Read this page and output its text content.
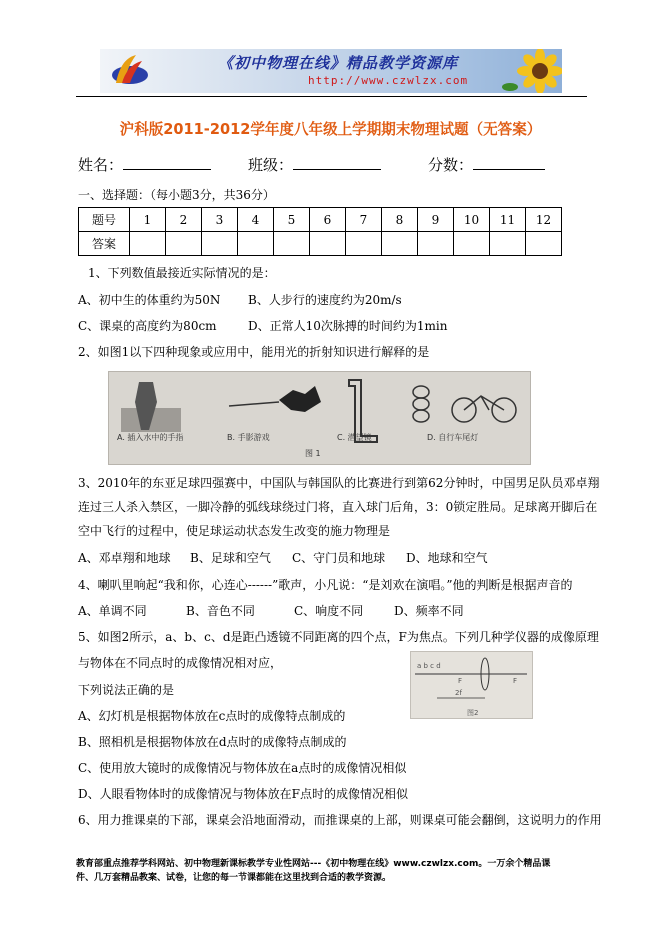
《初中物理在线》精品教学资源库
http://www.czwlzx.com
沪科版2011-2012学年度八年级上学期期末物理试题（无答案）
姓名：	班级：	分数：
一、选择题：（每小题3分，共36分）
题号	1	2	3	4	5	6	7	8	9	10	11	12
答案												
1、下列数值最接近实际情况的是：
A、初中生的体重约为50N B、人步行的速度约为20m/s
C、课桌的高度约为80cm	D、正常人10次脉搏的时间约为1min
2、如图1以下四种现象或应用中，能用光的折射知识进行解释的是
A. 插入水中的手指	B. 手影游戏	C. 潜望镜	D. 自行车尾灯
图 1
3、2010年的东亚足球四强赛中，中国队与韩国队的比赛进行到第62分钟时，中国男足队员邓卓翔
连过三人杀入禁区，一脚冷静的弧线球绕过门将，直入球门后角，3：0锁定胜局。足球离开脚后在
空中飞行的过程中，使足球运动状态发生改变的施力物理是
A、邓卓翔和地球 B、足球和空气 C、守门员和地球 D、地球和空气
4、喇叭里响起“我和你，心连心------”歌声，小凡说：“是刘欢在演唱。”他的判断是根据声音的
A、单调不同	B、音色不同	C、响度不同	D、频率不同
5、如图2所示，a、b、c、d是距凸透镜不同距离的四个点，F为焦点。下列几种学仪器的成像原理
与物体在不同点时的成像情况相对应，	a b c d
F	F
2f
图2
下列说法正确的是
A、幻灯机是根据物体放在c点时的成像特点制成的
B、照相机是根据物体放在d点时的成像特点制成的
C、使用放大镜时的成像情况与物体放在a点时的成像情况相似
D、人眼看物体时的成像情况与物体放在F点时的成像情况相似
6、用力推课桌的下部，课桌会沿地面滑动，而推课桌的上部，则课桌可能会翻倒，这说明力的作用
教育部重点推荐学科网站、初中物理新课标教学专业性网站---《初中物理在线》www.czwlzx.com。一万余个精品课
件、几万套精品教案、试卷，让您的每一节课都能在这里找到合适的教学资源。
